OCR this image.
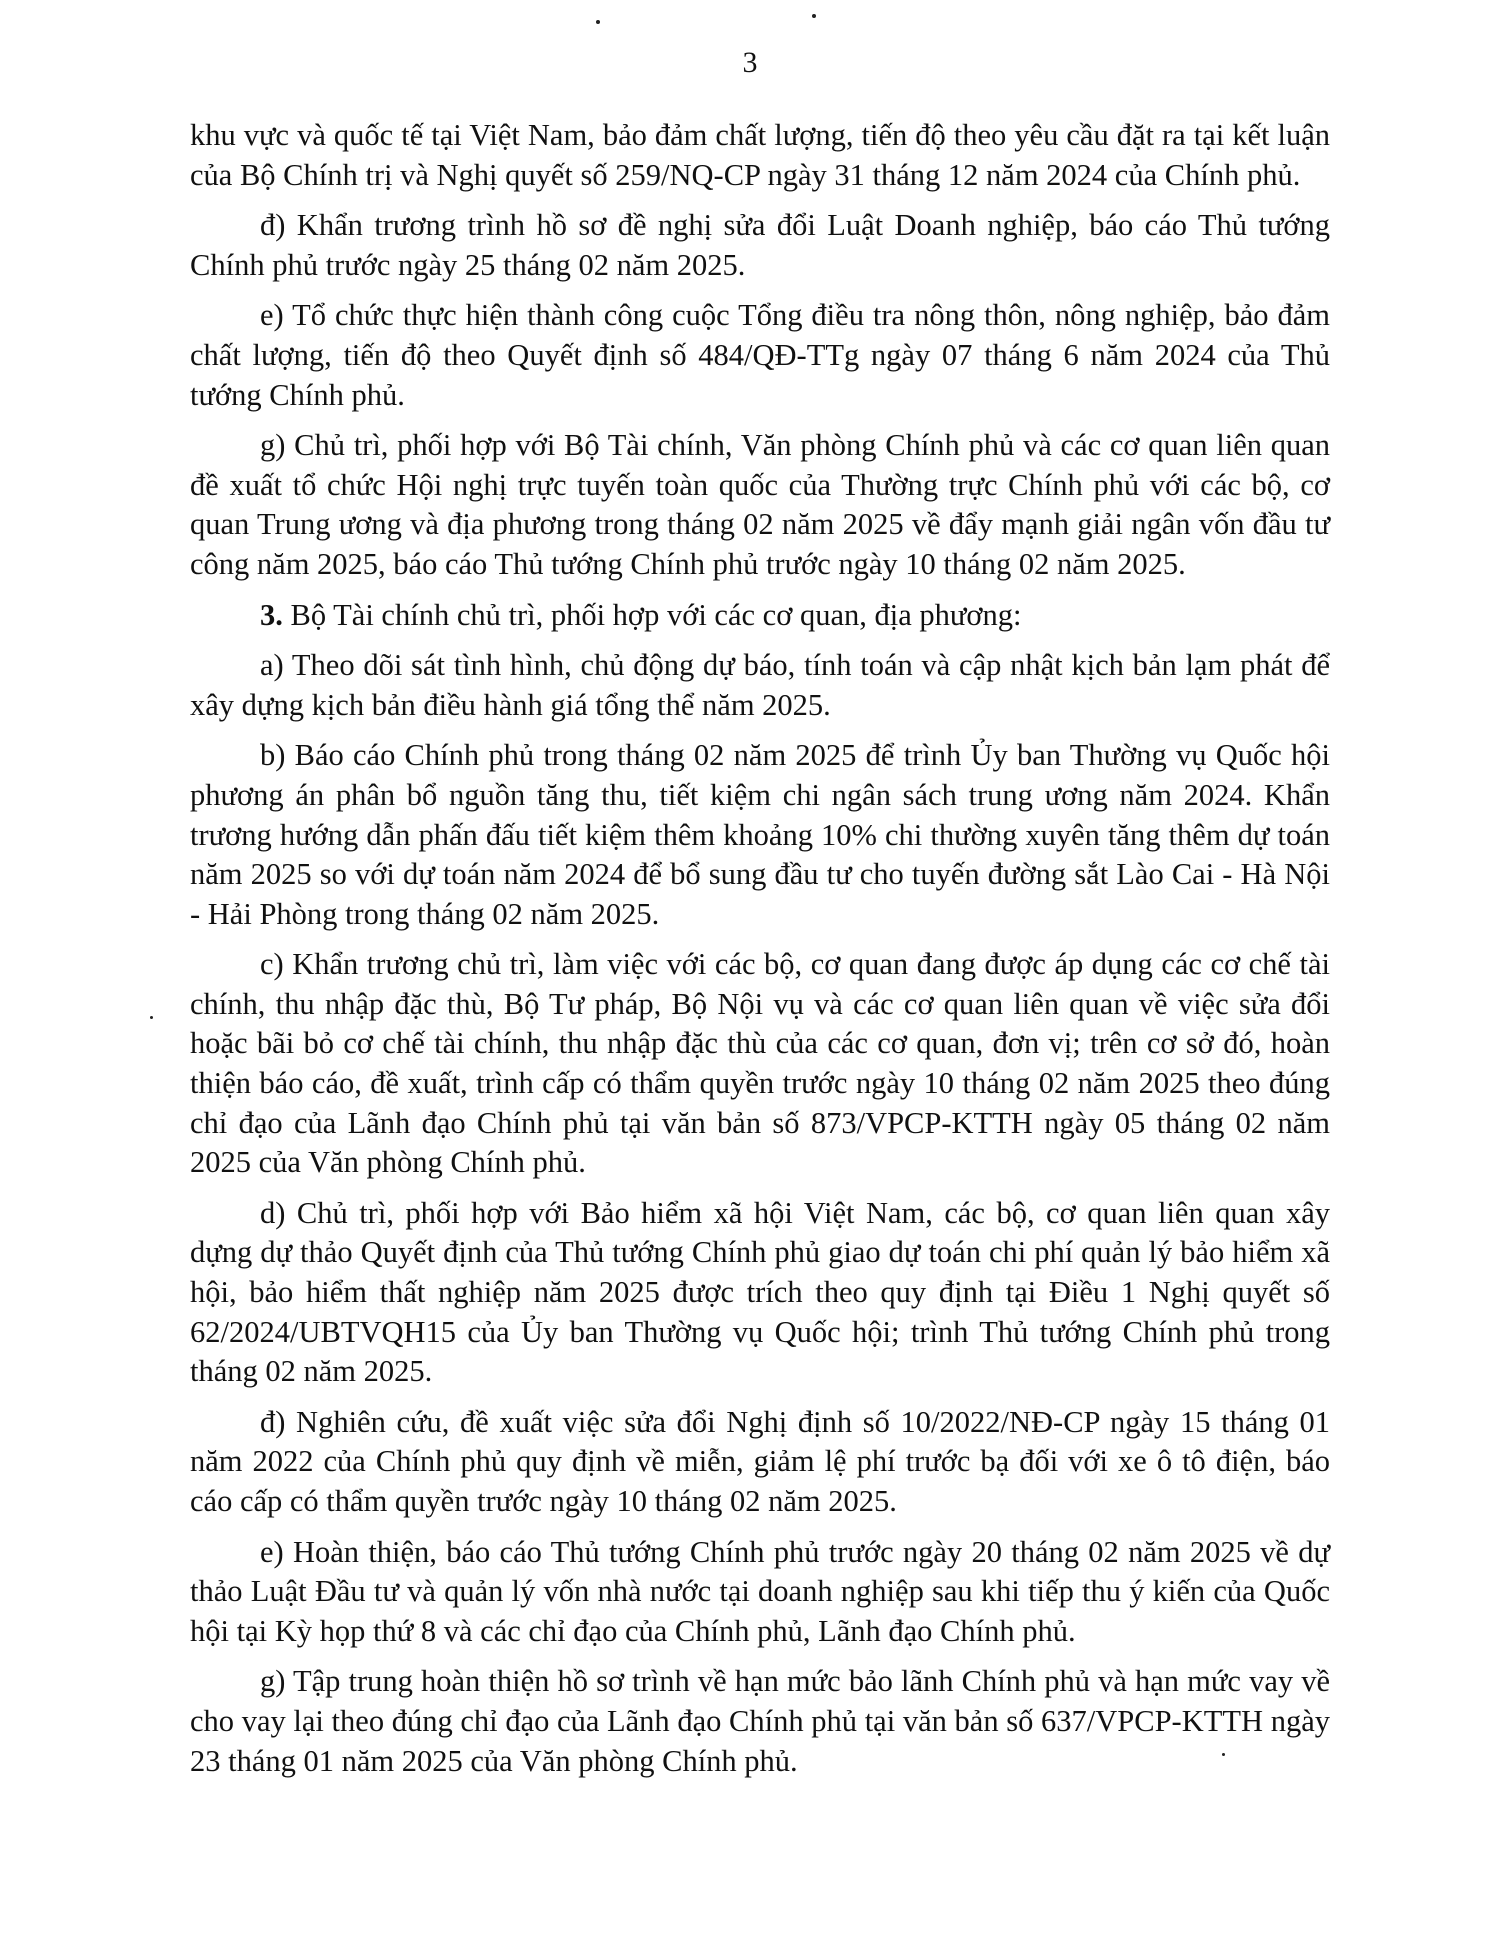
3

khu vực và quốc tế tại Việt Nam, bảo đảm chất lượng, tiến độ theo yêu cầu đặt ra tại kết luận của Bộ Chính trị và Nghị quyết số 259/NQ-CP ngày 31 tháng 12 năm 2024 của Chính phủ.

đ) Khẩn trương trình hồ sơ đề nghị sửa đổi Luật Doanh nghiệp, báo cáo Thủ tướng Chính phủ trước ngày 25 tháng 02 năm 2025.

e) Tổ chức thực hiện thành công cuộc Tổng điều tra nông thôn, nông nghiệp, bảo đảm chất lượng, tiến độ theo Quyết định số 484/QĐ-TTg ngày 07 tháng 6 năm 2024 của Thủ tướng Chính phủ.

g) Chủ trì, phối hợp với Bộ Tài chính, Văn phòng Chính phủ và các cơ quan liên quan đề xuất tổ chức Hội nghị trực tuyến toàn quốc của Thường trực Chính phủ với các bộ, cơ quan Trung ương và địa phương trong tháng 02 năm 2025 về đẩy mạnh giải ngân vốn đầu tư công năm 2025, báo cáo Thủ tướng Chính phủ trước ngày 10 tháng 02 năm 2025.

3. Bộ Tài chính chủ trì, phối hợp với các cơ quan, địa phương:

a) Theo dõi sát tình hình, chủ động dự báo, tính toán và cập nhật kịch bản lạm phát để xây dựng kịch bản điều hành giá tổng thể năm 2025.

b) Báo cáo Chính phủ trong tháng 02 năm 2025 để trình Ủy ban Thường vụ Quốc hội phương án phân bổ nguồn tăng thu, tiết kiệm chi ngân sách trung ương năm 2024. Khẩn trương hướng dẫn phấn đấu tiết kiệm thêm khoảng 10% chi thường xuyên tăng thêm dự toán năm 2025 so với dự toán năm 2024 để bổ sung đầu tư cho tuyến đường sắt Lào Cai - Hà Nội - Hải Phòng trong tháng 02 năm 2025.

c) Khẩn trương chủ trì, làm việc với các bộ, cơ quan đang được áp dụng các cơ chế tài chính, thu nhập đặc thù, Bộ Tư pháp, Bộ Nội vụ và các cơ quan liên quan về việc sửa đổi hoặc bãi bỏ cơ chế tài chính, thu nhập đặc thù của các cơ quan, đơn vị; trên cơ sở đó, hoàn thiện báo cáo, đề xuất, trình cấp có thẩm quyền trước ngày 10 tháng 02 năm 2025 theo đúng chỉ đạo của Lãnh đạo Chính phủ tại văn bản số 873/VPCP-KTTH ngày 05 tháng 02 năm 2025 của Văn phòng Chính phủ.

d) Chủ trì, phối hợp với Bảo hiểm xã hội Việt Nam, các bộ, cơ quan liên quan xây dựng dự thảo Quyết định của Thủ tướng Chính phủ giao dự toán chi phí quản lý bảo hiểm xã hội, bảo hiểm thất nghiệp năm 2025 được trích theo quy định tại Điều 1 Nghị quyết số 62/2024/UBTVQH15 của Ủy ban Thường vụ Quốc hội; trình Thủ tướng Chính phủ trong tháng 02 năm 2025.

đ) Nghiên cứu, đề xuất việc sửa đổi Nghị định số 10/2022/NĐ-CP ngày 15 tháng 01 năm 2022 của Chính phủ quy định về miễn, giảm lệ phí trước bạ đối với xe ô tô điện, báo cáo cấp có thẩm quyền trước ngày 10 tháng 02 năm 2025.

e) Hoàn thiện, báo cáo Thủ tướng Chính phủ trước ngày 20 tháng 02 năm 2025 về dự thảo Luật Đầu tư và quản lý vốn nhà nước tại doanh nghiệp sau khi tiếp thu ý kiến của Quốc hội tại Kỳ họp thứ 8 và các chỉ đạo của Chính phủ, Lãnh đạo Chính phủ.

g) Tập trung hoàn thiện hồ sơ trình về hạn mức bảo lãnh Chính phủ và hạn mức vay về cho vay lại theo đúng chỉ đạo của Lãnh đạo Chính phủ tại văn bản số 637/VPCP-KTTH ngày 23 tháng 01 năm 2025 của Văn phòng Chính phủ.
